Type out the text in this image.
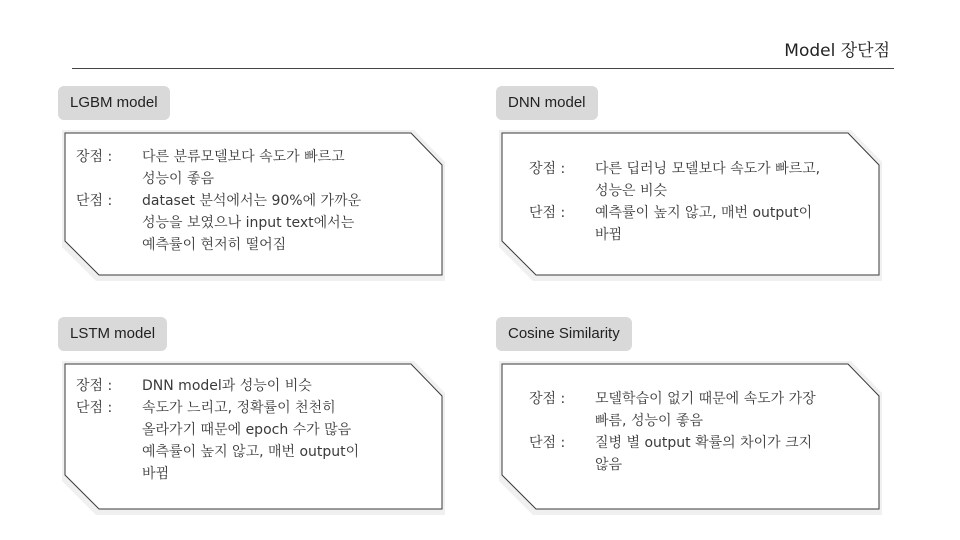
Model 장단점
LGBM model
장점 :	다른 분류모델보다 속도가 빠르고
성능이 좋음
단점 :	dataset 분석에서는 90%에 가까운
성능을 보였으나 input text에서는
예측률이 현저히 떨어짐
DNN model
장점 :	다른 딥러닝 모델보다 속도가 빠르고,
성능은 비슷
단점 :	예측률이 높지 않고, 매번 output이
바뀜
LSTM model
장점 :	DNN model과 성능이 비슷
단점 :	속도가 느리고, 정확률이 천천히
올라가기 때문에 epoch 수가 많음
예측률이 높지 않고, 매번 output이
바뀜
Cosine Similarity
장점 :	모델학습이 없기 때문에 속도가 가장
빠름, 성능이 좋음
단점 :	질병 별 output 확률의 차이가 크지
않음
